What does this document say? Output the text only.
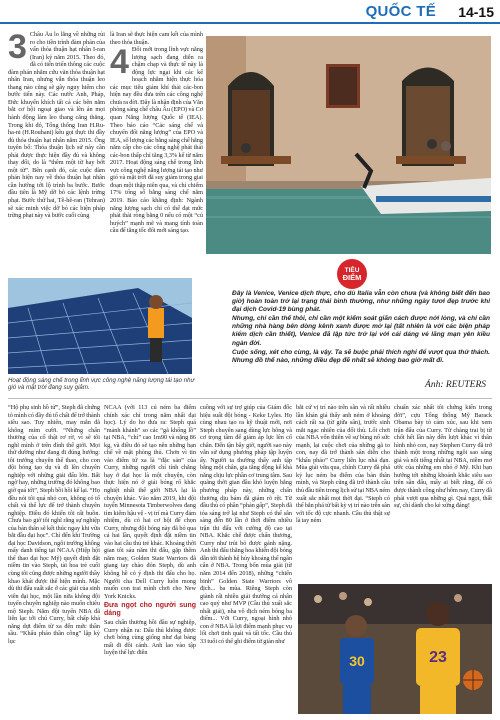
QUỐC TẾ 14-15
3 Châu Âu lo lắng về những rủi ro cho tiền trình đàm phán của vấn thỏa thuận hạt nhân I-ran (Iran) ký năm 2015. Theo đó, đã có tiến triển thông các cuộc đàm phán nhằm cứu vãn thỏa thuận hạt nhân Iran, nhưng vẫn thỏa thuận leo thang nào cũng sẽ gây nguy hiểm cho bước tiến này. Các nước Anh, Pháp, Đức khuyến khích tất cả các bên nắm bắt cơ hội ngoại giao và lên án mọi hành động làm leo thang căng thẳng. Trong khi đó, Tổng thống Iran H.Ru-ha-ni (H.Rouhani) kêu gọi thực thi đầy đủ thỏa thuận hạt nhân năm 2015. Ông tuyên bố: Thỏa thuận lịch sử này cần phải được thực hiện đầy đủ và không thay đổi, do là “thêm một từ hay bớt một từ”. Bên cạnh đó, các cuộc đàm phán hiện nay về thỏa thuận hạt nhân cần hướng tới lộ trình ba bước. Bước đầu tiên là Mỹ dỡ bỏ các lệnh trừng phạt. Bước thứ hai, Tê-hê-ran (Tehran) sẽ xác minh việc dỡ bỏ các biện pháp trừng phạt này và bước cuối cùng

là Iran sẽ thực hiện cam kết của mình theo thỏa thuận.

4 Đối mới trong lĩnh vực năng lượng sạch đang diễn ra chậm chạp và thực tế này là động lực ngại khi các kế hoạch nhằm hiện thực hóa các mục tiêu giảm khí thải các-bon hiện nay đều đưa trên các công nghệ chưa ra đời. Đây là nhận định của Văn phòng sáng chế châu Âu (EPO) và Cơ quan Năng lượng Quốc tế (IEA). Theo báo cáo “Các sáng chế và chuyển đổi năng lượng” của EPO và IEA, số lượng các bằng sáng chế hằng năm cấp cho các công nghệ phát thải các-bon thấp chỉ tăng 3,3% kể từ năm 2017. Hoạt động sáng chế trong lĩnh vực công nghệ năng lượng tái tạo như gió và mặt trời đã suy giảm trong giai đoạn một thập niên qua, và chỉ chiếm 17% tổng số bằng sáng chế năm 2019. Báo cáo khẳng định: Ngành năng lượng sạch chỉ có thể đạt mức phát thải ròng bằng 0 nếu có một “cú huých” mạnh mẽ và mang tính toàn cầu để tăng tốc đổi mới sáng tạo.

TIÊU
ĐIỂM
Hoạt động sáng chế trong lĩnh vực công nghệ năng lượng tái tạo như gió và mặt trời đang suy giảm.

Đây là Venice, Venice dịch thực, cho dù Italia vẫn còn chưa (và không biết đến bao giờ) hoàn toàn trở lại trạng thái bình thường, như những ngày tươi đẹp trước khi đại dịch Covid-19 bùng phát.

Nhưng, chỉ cần thế thôi, chỉ cần một kiếm soát giãn cách được nới lỏng, và chỉ cần những nhà hàng bên dòng kênh xanh được mở lại (tất nhiên là với các biện pháp kiểm dịch cần thiết), Venice đã lập tức trở lại với cái dáng vẻ lãng mạn yên kiều ngàn đời.

Cuộc sống, xét cho cùng, là vậy. Ta sẽ buộc phải thích nghi để vượt qua thử thách. Nhưng đồ thế nào, những điều đẹp đẽ nhất sẽ không bao giờ mất đi.

Ảnh: REUTERS

“Hộ phụ sinh hồ tử”, Steph đã chứng tỏ mình có đầy đủ tố chất để trở thành siêu sao. Tuy nhiên, may mắn đã không mỉm cười. “Những chấn thương của cổ thật rơ rờ, vì sẽ tôi nghĩ mình ở trên đỉnh thế giới. Mọi thứ dường như đang đi đúng hướng: tôi trưởng chuyên thể thao, cho con đội bóng tạo dụ và đi lên chuyên nghiệp với những giải đấu lớn. Bất ngờ hay, những trường đó không bao giờ quá tới”, Steph bồi hồi kể lại. “Họ đều nói tôi quá nhỏ con, không có tố chất và thể lực để trở thành chuyên nghiệp. Điều đó khiến tôi rất buồn. Chưa bao giờ tôi nghĩ rằng sự nghiệp của bản thân sẽ kết thúc ngay khi vừa bắt đầu đại học”. Chỉ đến khi Trường đại học Davidson, ngôi trường không mấy danh tiếng tại NCAA (Hiệp hội thể thao đại học Mỹ) quyết định đặt niềm tin vào Steph, tài hoa trẻ cuối cùng tôi cũng được những người thầy khao khát được thể hiện mình. Mặc dù thi đấu suất sắc ở các giải của sinh viên đại học, một lần nữa không đội tuyển chuyên nghiệp nào muốn chiêu mộ Steph. Năm đội tuyển NBA đã liên lạc tới chú Curry, bất chấp khả năng dựt điểm từ xa đến mức thần sầu. “Khẩu pháo thần công” lập kỷ lục

NCAA (với 113 cú ném ba điểm chính xác chỉ trong năm nhất đại học). Lý do ho đưa ra: Steph quá “mảnh khảnh” so các “gã khổng lồ” tại NBA, “chỉ” cao 1m90 và nặng 86 kg, và điều đó sẽ tạo nên những hạn chế về mặt phòng thủ. Chơn vì tin vào điểm tứ xa là “đặc sản” của Curry, những người chỉ tính chăng hạy ở đại học là một chuyện, còn thực hiện nó ở giải bóng rổ khắc nghiệt nhất thế giới NBA lại là chuyện khác. Vào năm 2019, khi đội tuyển Minnesota Timberwolves đang tìm kiếm hậu vệ - vị trí mà Curry đảm nhiệm, dù có hai cơ hội để chọn Curry, nhưng đội bóng này đã bỏ qua cả hai lần, quyết định đặt niềm tin vào hai cầu thủ trẻ khác. Khoảng thời gian tôi sáu năm thi đấu, gặp thêm năm may, Golden State Warriors đã giang tay chào đón Steph, dù anh không hề có ý định thi đấu cho họ. Người cha Dell Curry luôn mong muốn con trai mình chơi cho New York Knicks.

Đưa ngọt cho người sung dáng

Sau chấn thương hồi đầu sự nghiệp, Curry nhận ra: Dấu thủ không được chơi bóng cùng giống như đại bàng mất đi đôi cánh. Anh lao vào tập luyện thể lực điên

cuồng với sự trợ giúp của Giám đốc hiệu suất đội bóng - Keke Lyles. Họ cùng nhau tạo ra kỹ thuật mới, nơi Steph chuyên sang dùng lực hông và cơ trọng tâm để giảm áp lực lên cổ chân. Đến tận bây giờ, người sao này vẫn sử dụng phương pháp tập luyện ấy. Người ta thường thấy anh tập bằng một chân, gia tăng động kể khả năng chịu lực phần cơ trung tâm. Sau quãng thời gian đầu khó luyện bằng phương pháp này, những chấn thương dịu bám đã giảm rõ rệt. Từ đầu thủ có phần “phản gấp”, Steph đã tỏa sáng trở lại như Steph có thể sẵn sàng đến 80 lần ở thời điểm nhiều trận thi đấu với cường độ cao tại NBA. Khắc chế được chấn thương, Curry như trút bỏ được gánh nặng. Anh thi đấu thăng hoa khiến đội bóng dẫn tới thành hệ hủy khoảng thế ngân cân ở NBA. Trong bốn mùa giải (từ năm 2014 đến 2018), những “chiến binh” Golden State Warriors vô địch... ba mùa. Riêng Steph còn giành rất nhiều giải thưởng cá nhân cao quý như MVP (Cầu thủ xuất sắc nhất giải), nha vô địch ném bóng ba điểm... Với Curry, ngoại hình nhỏ con ở NBA là lợi điểm mạnh phục vụ lối chơi tinh quái và tất tốc. Cầu thủ 33 tuổi có thể ghi điểm từ giản như

bắt cứ vị trí nào trên sân và rất nhiều lần khán giả thấy anh ném ở khoảng cách rất xa (từ giữa sân), trước sinh mắt ngạc nhiên của đối thủ. Lối chơi của NBA vốn thiên về sự bùng nổ sức mạnh, lại cuộc chơi của những gã to con, nay đã trở thành sân diễn cho “khẩu pháo” Curry liên lục nhả đạn. Mùa giải vừa qua, chính Curry đã phá kỷ lục ném ba điểm của bản thân mình, và Steph cũng đã trở thành cầu thủ đầu tiên trong lịch sử tại NBA ném xuất sắc nhất mọi thời đại. “Steph có thể bắn phá từ bất kỳ vị trí nào trên sân với tốc độ cực nhanh. Cầu thủ thật sự là tay ném

chuẩn xác nhất tôi chứng kiến trong đời”, cựu Tổng thống Mỹ Barack Obama bày tỏ cảm xúc, sau khi xem trận đấu của Curry. Từ chàng trai bị từ chối hết lần này đến lượt khác vì thân hình nhỏ con, nay Stephen Curry đã trở thành một trong những ngôi sao sáng giá và nổi tiếng nhất tại NBA, niềm mơ ước của những em nhỏ ở Mỹ. Khi bạn hướng tới những khoảnh khắc siêu sao trên sân đấu, mấy ai biết rằng, để có được thành công như hôm nay, Curry đã phải vượt qua những gì. Quả ngọt, thất sự, chỉ dành cho kẻ xứng đáng!

30	23
